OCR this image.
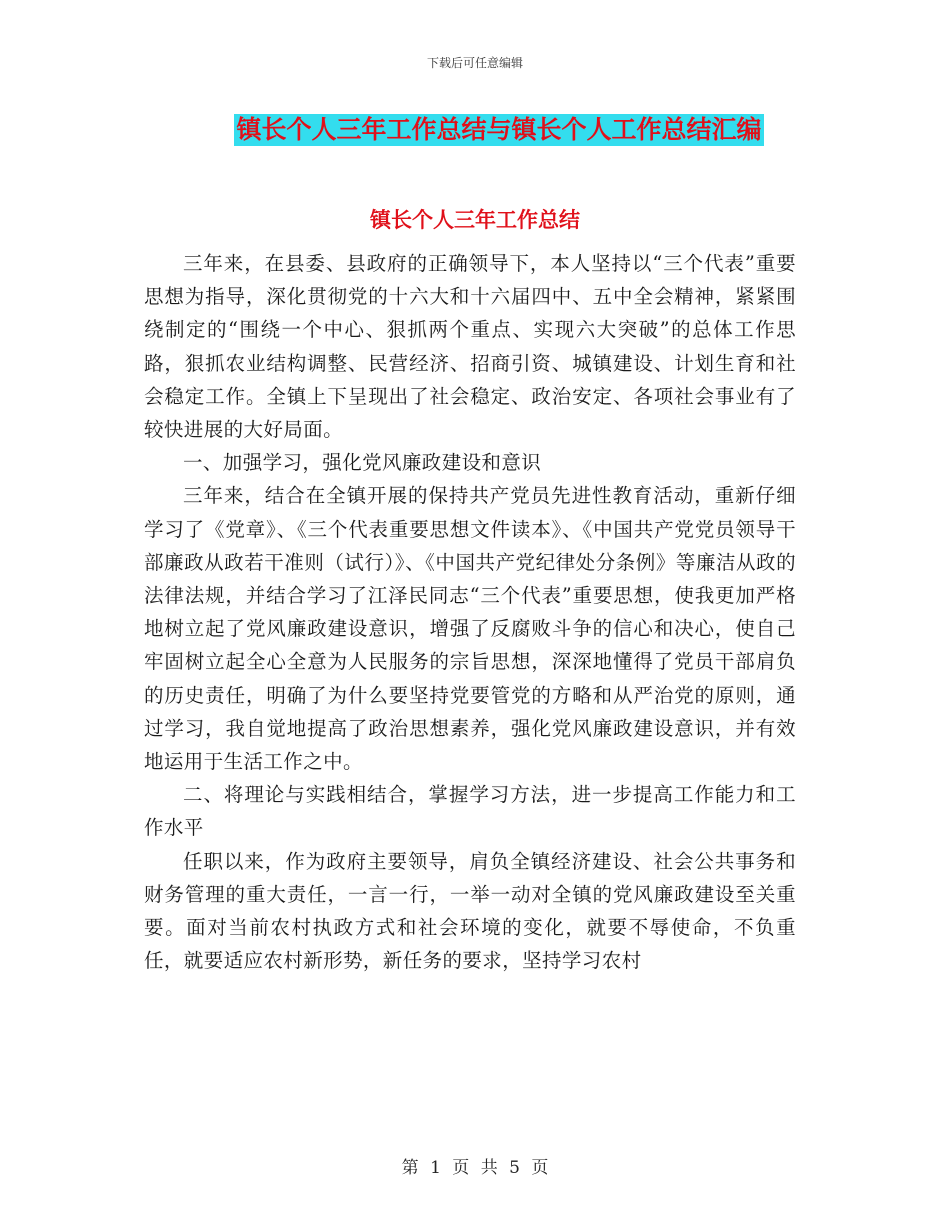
下载后可任意编辑
镇长个人三年工作总结与镇长个人工作总结汇编
镇长个人三年工作总结

三年来，在县委、县政府的正确领导下，本人坚持以“三个代表”重要思想为指导，深化贯彻党的十六大和十六届四中、五中全会精神，紧紧围绕制定的“围绕一个中心、狠抓两个重点、实现六大突破”的总体工作思路，狠抓农业结构调整、民营经济、招商引资、城镇建设、计划生育和社会稳定工作。全镇上下呈现出了社会稳定、政治安定、各项社会事业有了较快进展的大好局面。

一、加强学习，强化党风廉政建设和意识

三年来，结合在全镇开展的保持共产党员先进性教育活动，重新仔细学习了《党章》、《三个代表重要思想文件读本》、《中国共产党党员领导干部廉政从政若干准则（试行）》、《中国共产党纪律处分条例》等廉洁从政的法律法规，并结合学习了江泽民同志“三个代表”重要思想，使我更加严格地树立起了党风廉政建设意识，增强了反腐败斗争的信心和决心，使自己牢固树立起全心全意为人民服务的宗旨思想，深深地懂得了党员干部肩负的历史责任，明确了为什么要坚持党要管党的方略和从严治党的原则，通过学习，我自觉地提高了政治思想素养，强化党风廉政建设意识，并有效地运用于生活工作之中。

二、将理论与实践相结合，掌握学习方法，进一步提高工作能力和工作水平

任职以来，作为政府主要领导，肩负全镇经济建设、社会公共事务和财务管理的重大责任，一言一行，一举一动对全镇的党风廉政建设至关重要。面对当前农村执政方式和社会环境的变化，就要不辱使命，不负重任，就要适应农村新形势，新任务的要求，坚持学习农村

第 1 页 共 5 页
